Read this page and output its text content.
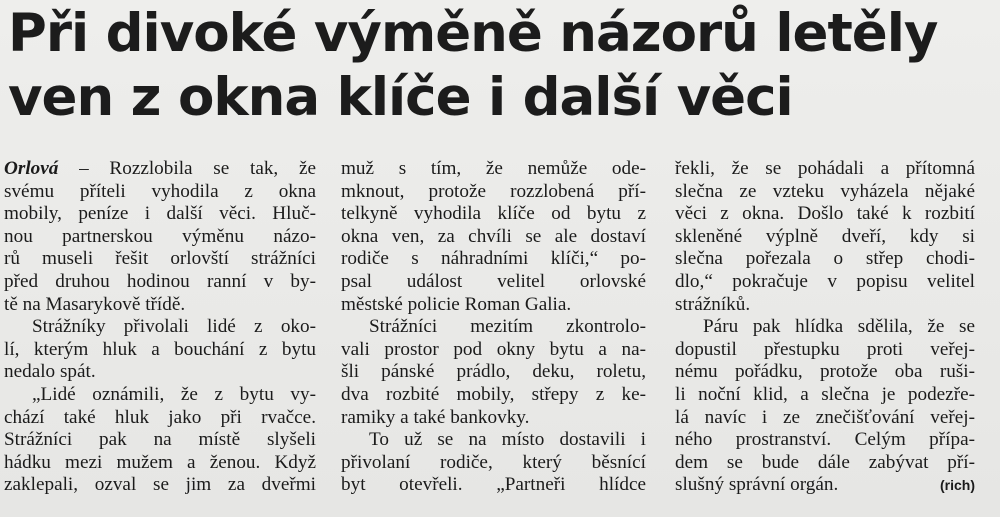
Při divoké výměně názorů letěly
ven z okna klíče i další věci
Orlová – Rozzlobila se tak, že
svému příteli vyhodila z okna
mobily, peníze i další věci. Hluč-
nou partnerskou výměnu názo-
rů museli řešit orlovští strážníci
před druhou hodinou ranní v by-
tě na Masarykově třídě.
Strážníky přivolali lidé z oko-
lí, kterým hluk a bouchání z bytu
nedalo spát.
„Lidé oznámili, že z bytu vy-
chází také hluk jako při rvačce.
Strážníci pak na místě slyšeli
hádku mezi mužem a ženou. Když
zaklepali, ozval se jim za dveřmi
muž s tím, že nemůže ode-
mknout, protože rozzlobená pří-
telkyně vyhodila klíče od bytu z
okna ven, za chvíli se ale dostaví
rodiče s náhradními klíči,“ po-
psal událost velitel orlovské
městské policie Roman Galia.
Strážníci mezitím zkontrolo-
vali prostor pod okny bytu a na-
šli pánské prádlo, deku, roletu,
dva rozbité mobily, střepy z ke-
ramiky a také bankovky.
To už se na místo dostavili i
přivolaní rodiče, který běsnící
byt otevřeli. „Partneři hlídce
řekli, že se pohádali a přítomná
slečna ze vzteku vyházela nějaké
věci z okna. Došlo také k rozbití
skleněné výplně dveří, kdy si
slečna pořezala o střep chodi-
dlo,“ pokračuje v popisu velitel
strážníků.
Páru pak hlídka sdělila, že se
dopustil přestupku proti veřej-
nému pořádku, protože oba ruši-
li noční klid, a slečna je podezře-
lá navíc i ze znečišťování veřej-
ného prostranství. Celým přípa-
dem se bude dále zabývat pří-
slušný správní orgán.	(rich)
